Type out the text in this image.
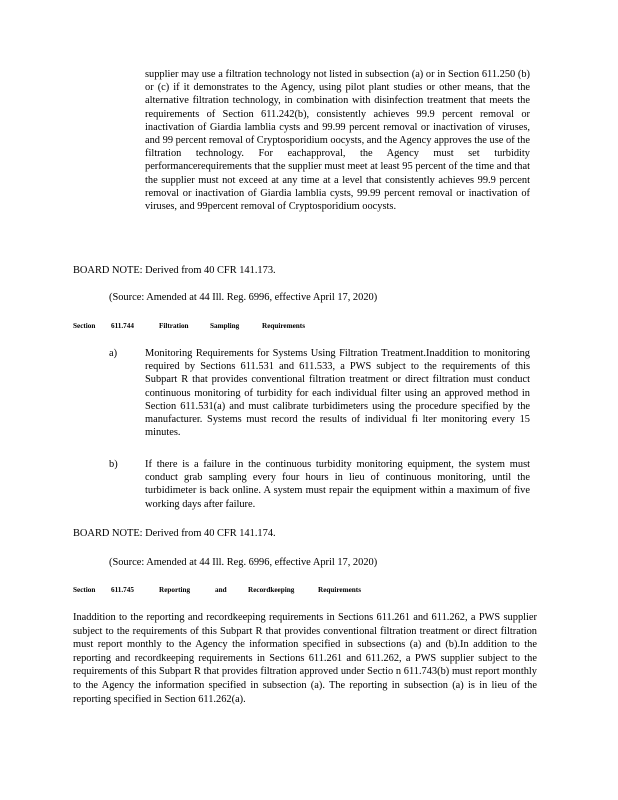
supplier may use a filtration technology not listed in subsection (a) or in Section 611.250 (b) or (c) if it demonstrates to the Agency, using pilot plant studies or other means, that the alternative filtration technology, in combination with disinfection treatment that meets the requirements of Section 611.242(b), consistently achieves 99.9 percent removal or inactivation of Giardia lamblia cysts and 99.99 percent removal or inactivation of viruses, and 99 percent removal of Cryptosporidium oocysts, and the Agency approves the use of the filtration technology. For eachapproval, the Agency must set turbidity performancerequirements that the supplier must meet at least 95 percent of the time and that the supplier must not exceed at any time at a level that consistently achieves 99.9 percent removal or inactivation of Giardia lamblia cysts, 99.99 percent removal or inactivation of viruses, and 99percent removal of Cryptosporidium oocysts.
BOARD NOTE: Derived from 40 CFR 141.173.
(Source: Amended at 44 Ill. Reg. 6996, effective April 17, 2020)
Section 611.744	Filtration	Sampling	Requirements
a)	Monitoring Requirements for Systems Using Filtration Treatment.Inaddition to monitoring required by Sections 611.531 and 611.533, a PWS subject to the requirements of this Subpart R that provides conventional filtration treatment or direct filtration must conduct continuous monitoring of turbidity for each individual filter using an approved method in Section 611.531(a) and must calibrate turbidimeters using the procedure specified by the manufacturer. Systems must record the results of individual fi lter monitoring every 15 minutes.
b)	If there is a failure in the continuous turbidity monitoring equipment, the system must conduct grab sampling every four hours in lieu of continuous monitoring, until the turbidimeter is back online. A system must repair the equipment within a maximum of five working days after failure.
BOARD NOTE: Derived from 40 CFR 141.174.
(Source: Amended at 44 Ill. Reg. 6996, effective April 17, 2020)
Section 611.745	Reporting	and	Recordkeeping	Requirements
Inaddition to the reporting and recordkeeping requirements in Sections 611.261 and 611.262, a PWS supplier subject to the requirements of this Subpart R that provides conventional filtration treatment or direct filtration must report monthly to the Agency the information specified in subsections (a) and (b).In addition to the reporting and recordkeeping requirements in Sections 611.261 and 611.262, a PWS supplier subject to the requirements of this Subpart R that provides filtration approved under Sectio n 611.743(b) must report monthly to the Agency the information specified in subsection (a). The reporting in subsection (a) is in lieu of the reporting specified in Section 611.262(a).
